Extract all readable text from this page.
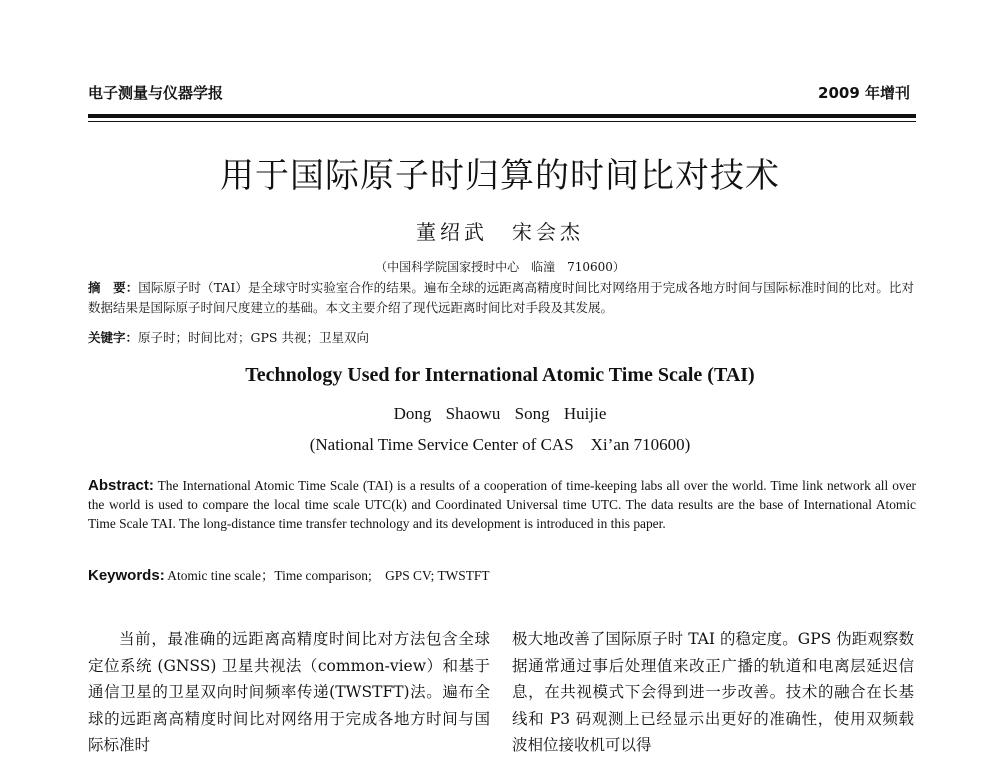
电子测量与仪器学报	2009 年增刊
用于国际原子时归算的时间比对技术
董绍武　宋会杰
（中国科学院国家授时中心　临潼　710600）
摘　要：国际原子时（TAI）是全球守时实验室合作的结果。遍布全球的远距离高精度时间比对网络用于完成各地方时间与国际标准时间的比对。比对数据结果是国际原子时间尺度建立的基础。本文主要介绍了现代远距离时间比对手段及其发展。
关键字：原子时；时间比对；GPS 共视；卫星双向
Technology Used for International Atomic Time Scale (TAI)
Dong Shaowu Song Huijie
(National Time Service Center of CAS　Xi’an 710600)
Abstract: The International Atomic Time Scale (TAI) is a results of a cooperation of time-keeping labs all over the world. Time link network all over the world is used to compare the local time scale UTC(k) and Coordinated Universal time UTC. The data results are the base of International Atomic Time Scale TAI. The long-distance time transfer technology and its development is introduced in this paper.
Keywords: Atomic tine scale；Time comparison;　GPS CV; TWSTFT
当前，最准确的远距离高精度时间比对方法包含全球定位系统 (GNSS) 卫星共视法（common-view）和基于通信卫星的卫星双向时间频率传递(TWSTFT)法。遍布全球的远距离高精度时间比对网络用于完成各地方时间与国际标准时
极大地改善了国际原子时 TAI 的稳定度。GPS 伪距观察数据通常通过事后处理值来改正广播的轨道和电离层延迟信息，在共视模式下会得到进一步改善。技术的融合在长基线和 P3 码观测上已经显示出更好的准确性，使用双频载波相位接收机可以得
